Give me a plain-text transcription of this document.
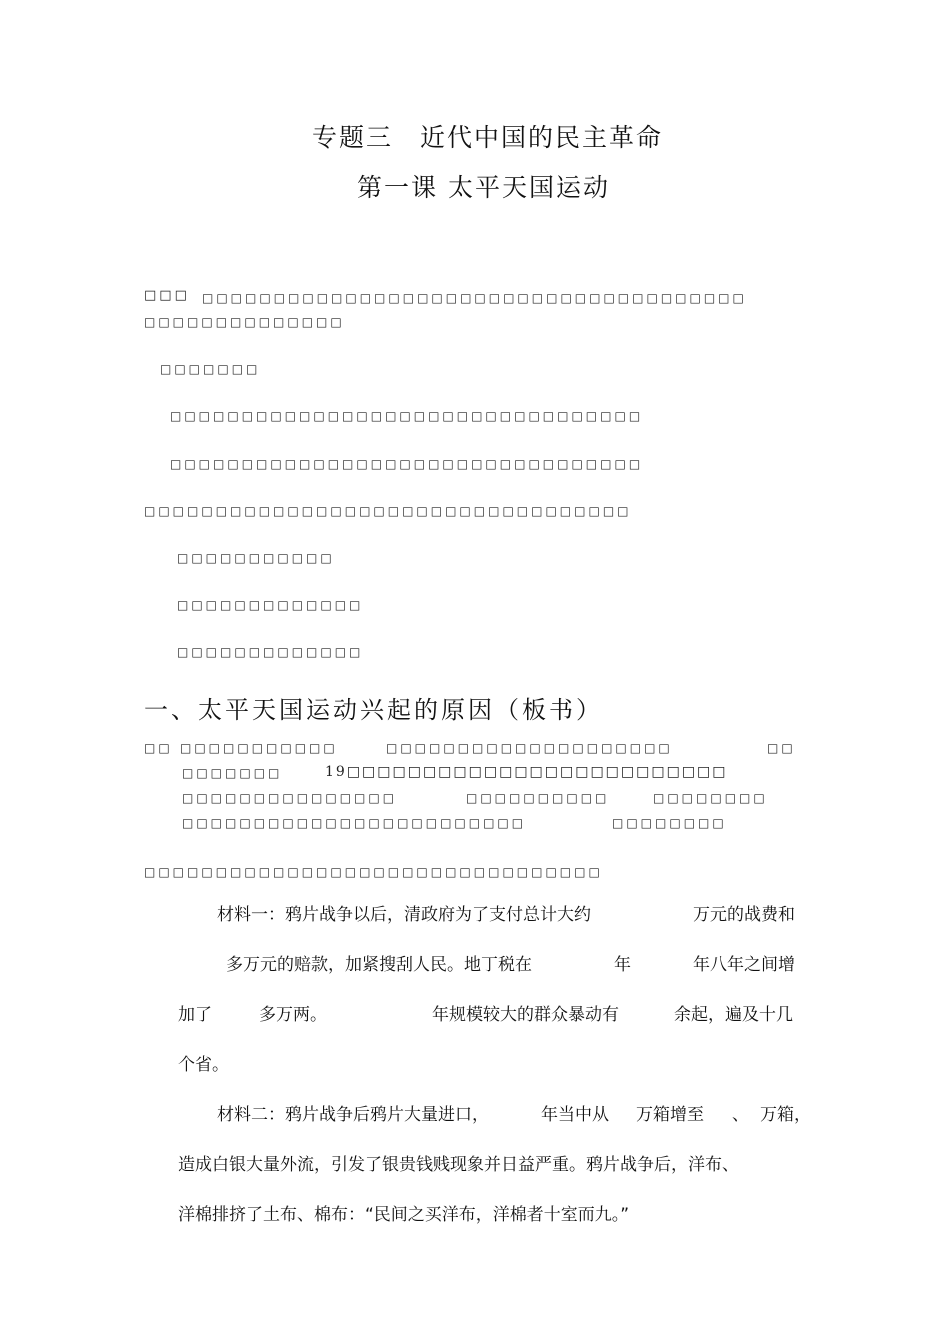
专题三　近代中国的民主革命
第一课 太平天国运动
□□□ □□□□□□□□□□□□□□□□□□□□□□□□□□□□□□□□□□□□□□
□□□□□□□□□□□□□□
□□□□□□□
□□□□□□□□□□□□□□□□□□□□□□□□□□□□□□□□□
□□□□□□□□□□□□□□□□□□□□□□□□□□□□□□□□□
□□□□□□□□□□□□□□□□□□□□□□□□□□□□□□□□□□
□□□□□□□□□□□
□□□□□□□□□□□□□
□□□□□□□□□□□□□
一、太平天国运动兴起的原因（板书）
□□ □□□□□□□□□□□	□□□□□□□□□□□□□□□□□□□□	□□
□□□□□□□	19□□□□□□□□□□□□□□□□□□□□□□□□□
□□□□□□□□□□□□□□□	□□□□□□□□□□	□□□□□□□□
□□□□□□□□□□□□□□□□□□□□□□□□	□□□□□□□□
□□□□□□□□□□□□□□□□□□□□□□□□□□□□□□□□
材料一：鸦片战争以后，清政府为了支付总计大约	万元的战费和
多万元的赔款，加紧搜刮人民。地丁税在	年	年八年之间增
加了	多万两。	年规模较大的群众暴动有	余起，遍及十几
个省。
材料二：鸦片战争后鸦片大量进口，	年当中从 万箱增至 、 万箱，
造成白银大量外流，引发了银贵钱贱现象并日益严重。鸦片战争后，洋布、
洋棉排挤了土布、棉布：“民间之买洋布，洋棉者十室而九。”
